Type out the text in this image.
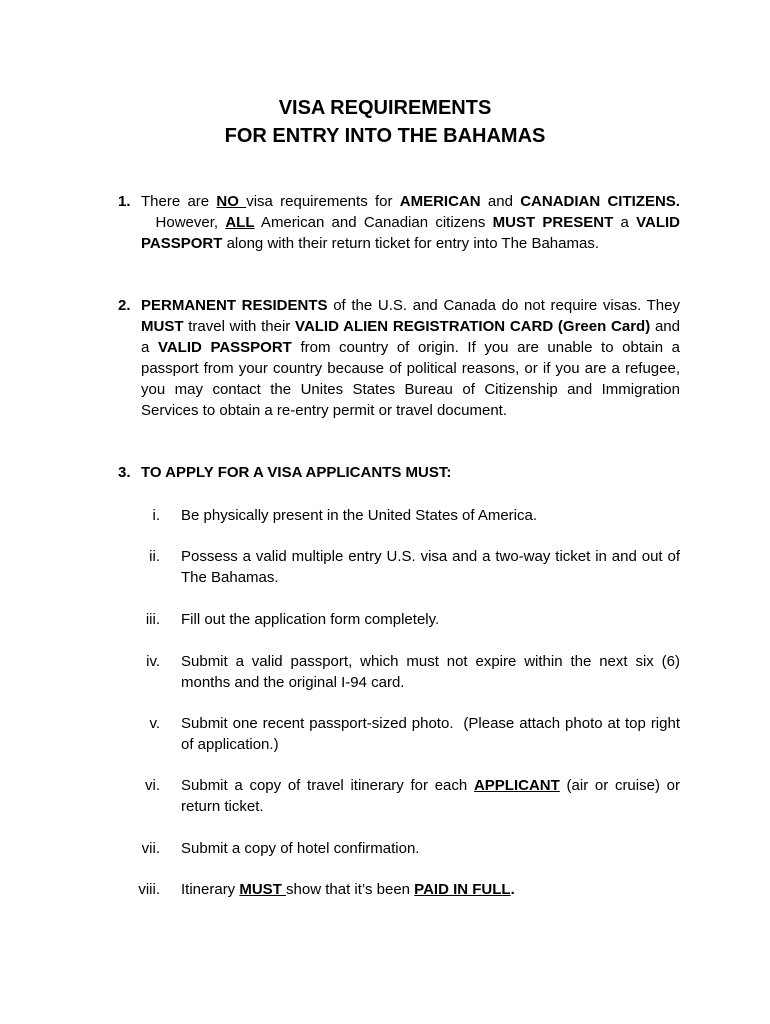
VISA REQUIREMENTS
FOR ENTRY INTO THE BAHAMAS
1. There are NO visa requirements for AMERICAN and CANADIAN CITIZENS.  However, ALL American and Canadian citizens MUST PRESENT a VALID PASSPORT along with their return ticket for entry into The Bahamas.
2. PERMANENT RESIDENTS of the U.S. and Canada do not require visas. They MUST travel with their VALID ALIEN REGISTRATION CARD (Green Card) and a VALID PASSPORT from country of origin. If you are unable to obtain a passport from your country because of political reasons, or if you are a refugee, you may contact the Unites States Bureau of Citizenship and Immigration Services to obtain a re-entry permit or travel document.
3. TO APPLY FOR A VISA APPLICANTS MUST:
i. Be physically present in the United States of America.
ii. Possess a valid multiple entry U.S. visa and a two-way ticket in and out of The Bahamas.
iii. Fill out the application form completely.
iv. Submit a valid passport, which must not expire within the next six (6) months and the original I-94 card.
v. Submit one recent passport-sized photo.  (Please attach photo at top right of application.)
vi. Submit a copy of travel itinerary for each APPLICANT (air or cruise) or return ticket.
vii. Submit a copy of hotel confirmation.
viii. Itinerary MUST show that it’s been PAID IN FULL.
